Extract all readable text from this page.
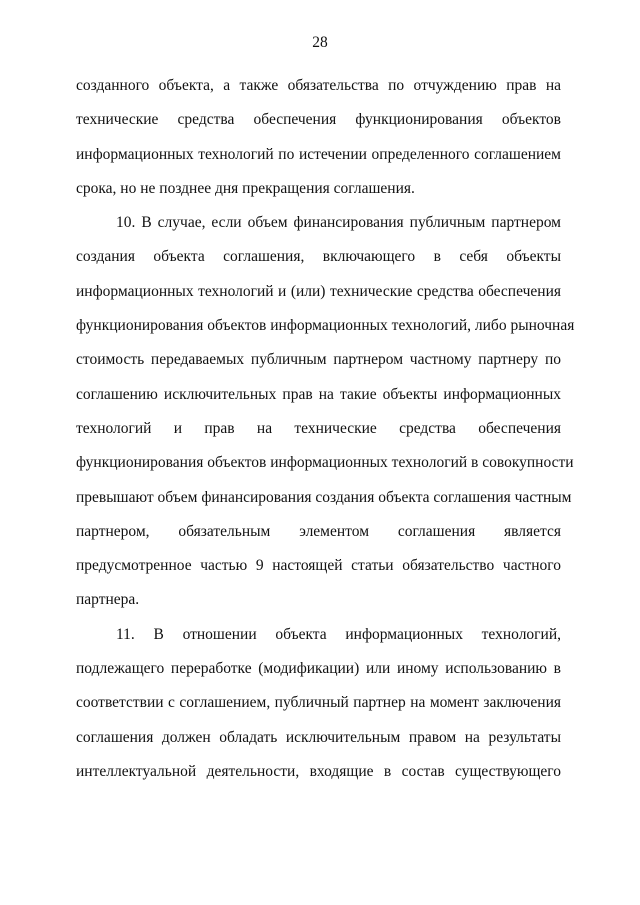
28
созданного объекта, а также обязательства по отчуждению прав на
технические средства обеспечения функционирования объектов
информационных технологий по истечении определенного соглашением
срока, но не позднее дня прекращения соглашения.
10. В случае, если объем финансирования публичным партнером
создания объекта соглашения, включающего в себя объекты
информационных технологий и (или) технические средства обеспечения
функционирования объектов информационных технологий, либо рыночная
стоимость передаваемых публичным партнером частному партнеру по
соглашению исключительных прав на такие объекты информационных
технологий и прав на технические средства обеспечения
функционирования объектов информационных технологий в совокупности
превышают объем финансирования создания объекта соглашения частным
партнером, обязательным элементом соглашения является
предусмотренное частью 9 настоящей статьи обязательство частного
партнера.
11. В отношении объекта информационных технологий,
подлежащего переработке (модификации) или иному использованию в
соответствии с соглашением, публичный партнер на момент заключения
соглашения должен обладать исключительным правом на результаты
интеллектуальной деятельности, входящие в состав существующего
